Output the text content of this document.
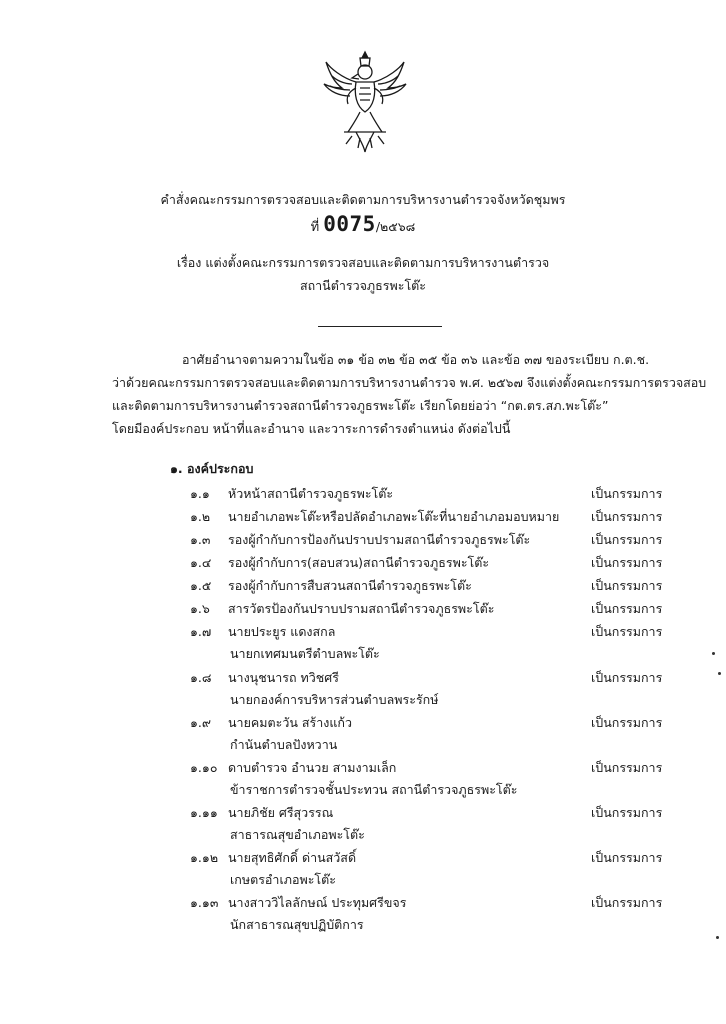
คำสั่งคณะกรรมการตรวจสอบและติดตามการบริหารงานตำรวจจังหวัดชุมพร
ที่ 0075/๒๕๖๘
เรื่อง แต่งตั้งคณะกรรมการตรวจสอบและติดตามการบริหารงานตำรวจ
สถานีตำรวจภูธรพะโต๊ะ
อาศัยอำนาจตามความในข้อ ๓๑ ข้อ ๓๒ ข้อ ๓๕ ข้อ ๓๖ และข้อ ๓๗ ของระเบียบ ก.ต.ช.
ว่าด้วยคณะกรรมการตรวจสอบและติดตามการบริหารงานตำรวจ พ.ศ. ๒๕๖๗ จึงแต่งตั้งคณะกรรมการตรวจสอบ
และติดตามการบริหารงานตำรวจสถานีตำรวจภูธรพะโต๊ะ เรียกโดยย่อว่า “กต.ตร.สภ.พะโต๊ะ”
โดยมีองค์ประกอบ หน้าที่และอำนาจ และวาระการดำรงตำแหน่ง ดังต่อไปนี้
๑. องค์ประกอบ
๑.๑ หัวหน้าสถานีตำรวจภูธรพะโต๊ะ	เป็นกรรมการ
๑.๒ นายอำเภอพะโต๊ะหรือปลัดอำเภอพะโต๊ะที่นายอำเภอมอบหมาย	เป็นกรรมการ
๑.๓ รองผู้กำกับการป้องกันปราบปรามสถานีตำรวจภูธรพะโต๊ะ	เป็นกรรมการ
๑.๔ รองผู้กำกับการ(สอบสวน)สถานีตำรวจภูธรพะโต๊ะ	เป็นกรรมการ
๑.๕ รองผู้กำกับการสืบสวนสถานีตำรวจภูธรพะโต๊ะ	เป็นกรรมการ
๑.๖ สารวัตรป้องกันปราบปรามสถานีตำรวจภูธรพะโต๊ะ	เป็นกรรมการ
๑.๗ นายประยูร แดงสกล	เป็นกรรมการ
นายกเทศมนตรีตำบลพะโต๊ะ
๑.๘ นางนุชนารถ ทวิชศรี	เป็นกรรมการ
นายกองค์การบริหารส่วนตำบลพระรักษ์
๑.๙ นายคมตะวัน สร้างแก้ว	เป็นกรรมการ
กำนันตำบลปังหวาน
๑.๑๐ ดาบตำรวจ อำนวย สามงามเล็ก	เป็นกรรมการ
ข้าราชการตำรวจชั้นประทวน สถานีตำรวจภูธรพะโต๊ะ
๑.๑๑ นายภิชัย ศรีสุวรรณ	เป็นกรรมการ
สาธารณสุขอำเภอพะโต๊ะ
๑.๑๒ นายสุทธิศักดิ์ ด่านสวัสดิ์	เป็นกรรมการ
เกษตรอำเภอพะโต๊ะ
๑.๑๓ นางสาววิไลลักษณ์ ประทุมศรีขจร	เป็นกรรมการ
นักสาธารณสุขปฏิบัติการ
